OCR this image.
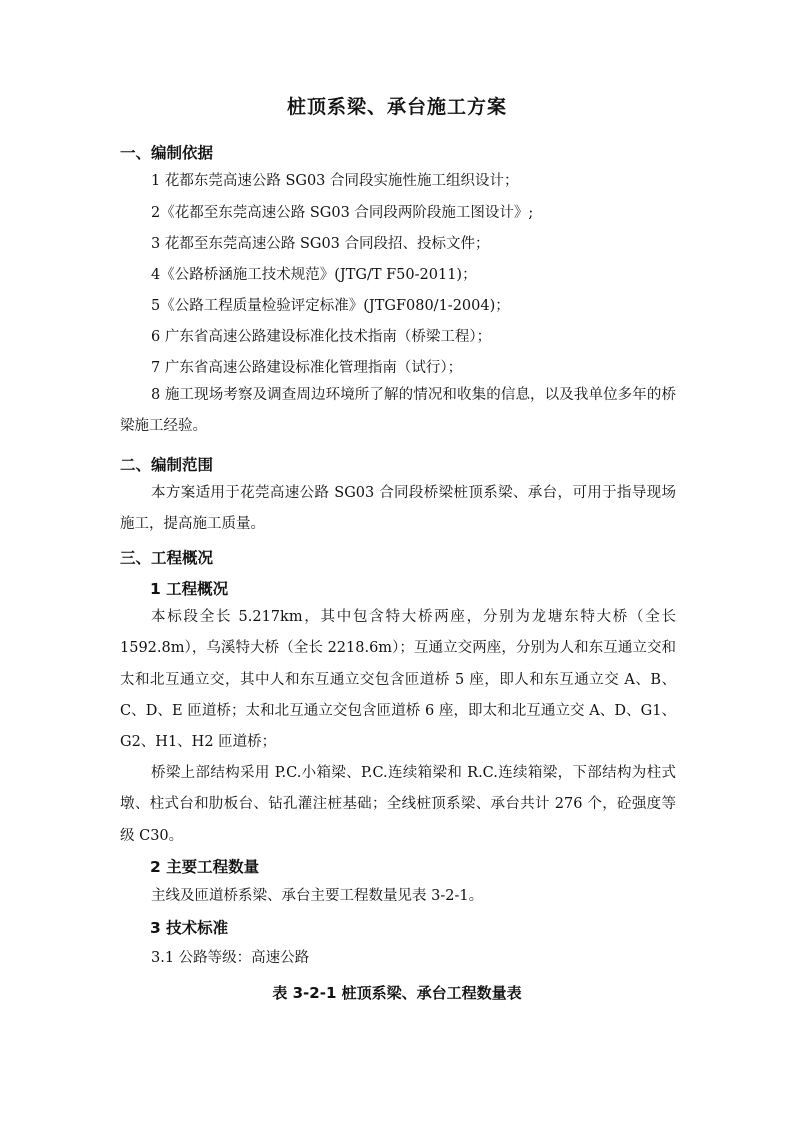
桩顶系梁、承台施工方案
一、编制依据
1 花都东莞高速公路 SG03 合同段实施性施工组织设计；
2《花都至东莞高速公路 SG03 合同段两阶段施工图设计》;
3 花都至东莞高速公路 SG03 合同段招、投标文件；
4《公路桥涵施工技术规范》(JTG/T F50-2011)；
5《公路工程质量检验评定标准》(JTGF080/1-2004)；
6 广东省高速公路建设标准化技术指南（桥梁工程）；
7 广东省高速公路建设标准化管理指南（试行）；

8 施工现场考察及调查周边环境所了解的情况和收集的信息，以及我单位多年的桥梁施工经验。

二、编制范围

本方案适用于花莞高速公路 SG03 合同段桥梁桩顶系梁、承台，可用于指导现场施工，提高施工质量。

三、工程概况
1 工程概况

本标段全长 5.217km，其中包含特大桥两座，分别为龙塘东特大桥（全长 1592.8m），乌溪特大桥（全长 2218.6m）；互通立交两座，分别为人和东互通立交和太和北互通立交，其中人和东互通立交包含匝道桥 5 座，即人和东互通立交 A、B、C、D、E 匝道桥；太和北互通立交包含匝道桥 6 座，即太和北互通立交 A、D、G1、G2、H1、H2 匝道桥；

桥梁上部结构采用 P.C.小箱梁、P.C.连续箱梁和 R.C.连续箱梁，下部结构为柱式墩、柱式台和肋板台、钻孔灌注桩基础；全线桩顶系梁、承台共计 276 个，砼强度等级 C30。

2 主要工程数量
主线及匝道桥系梁、承台主要工程数量见表 3-2-1。
3 技术标准
3.1 公路等级：高速公路
表 3-2-1 桩顶系梁、承台工程数量表
